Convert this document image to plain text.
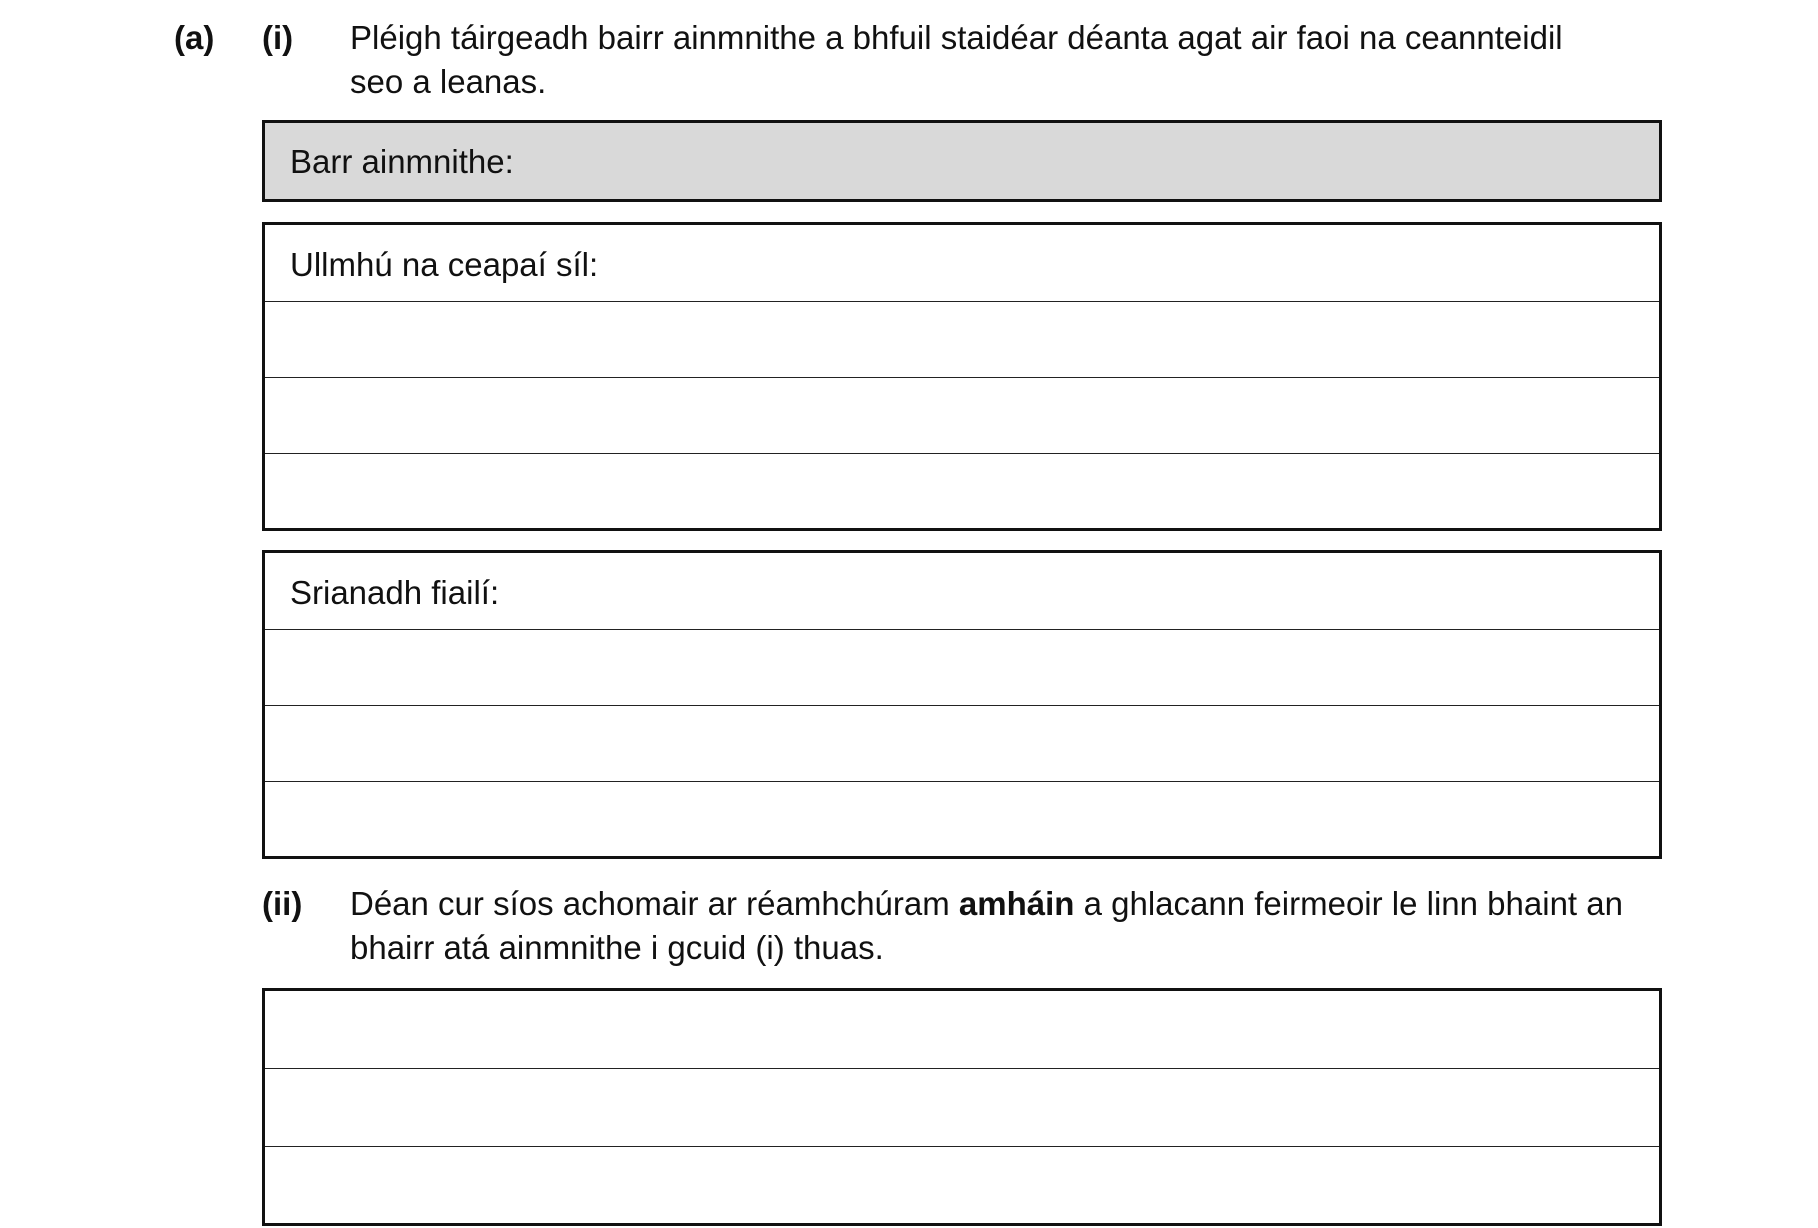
(a) (i) Pléigh táirgeadh bairr ainmnithe a bhfuil staidéar déanta agat air faoi na ceannteidil
seo a leanas.
Barr ainmnithe:
Ullmhú na ceapaí síl:
Srianadh fiailí:
(ii) Déan cur síos achomair ar réamhchúram amháin a ghlacann feirmeoir le linn bhaint an
bhairr atá ainmnithe i gcuid (i) thuas.
